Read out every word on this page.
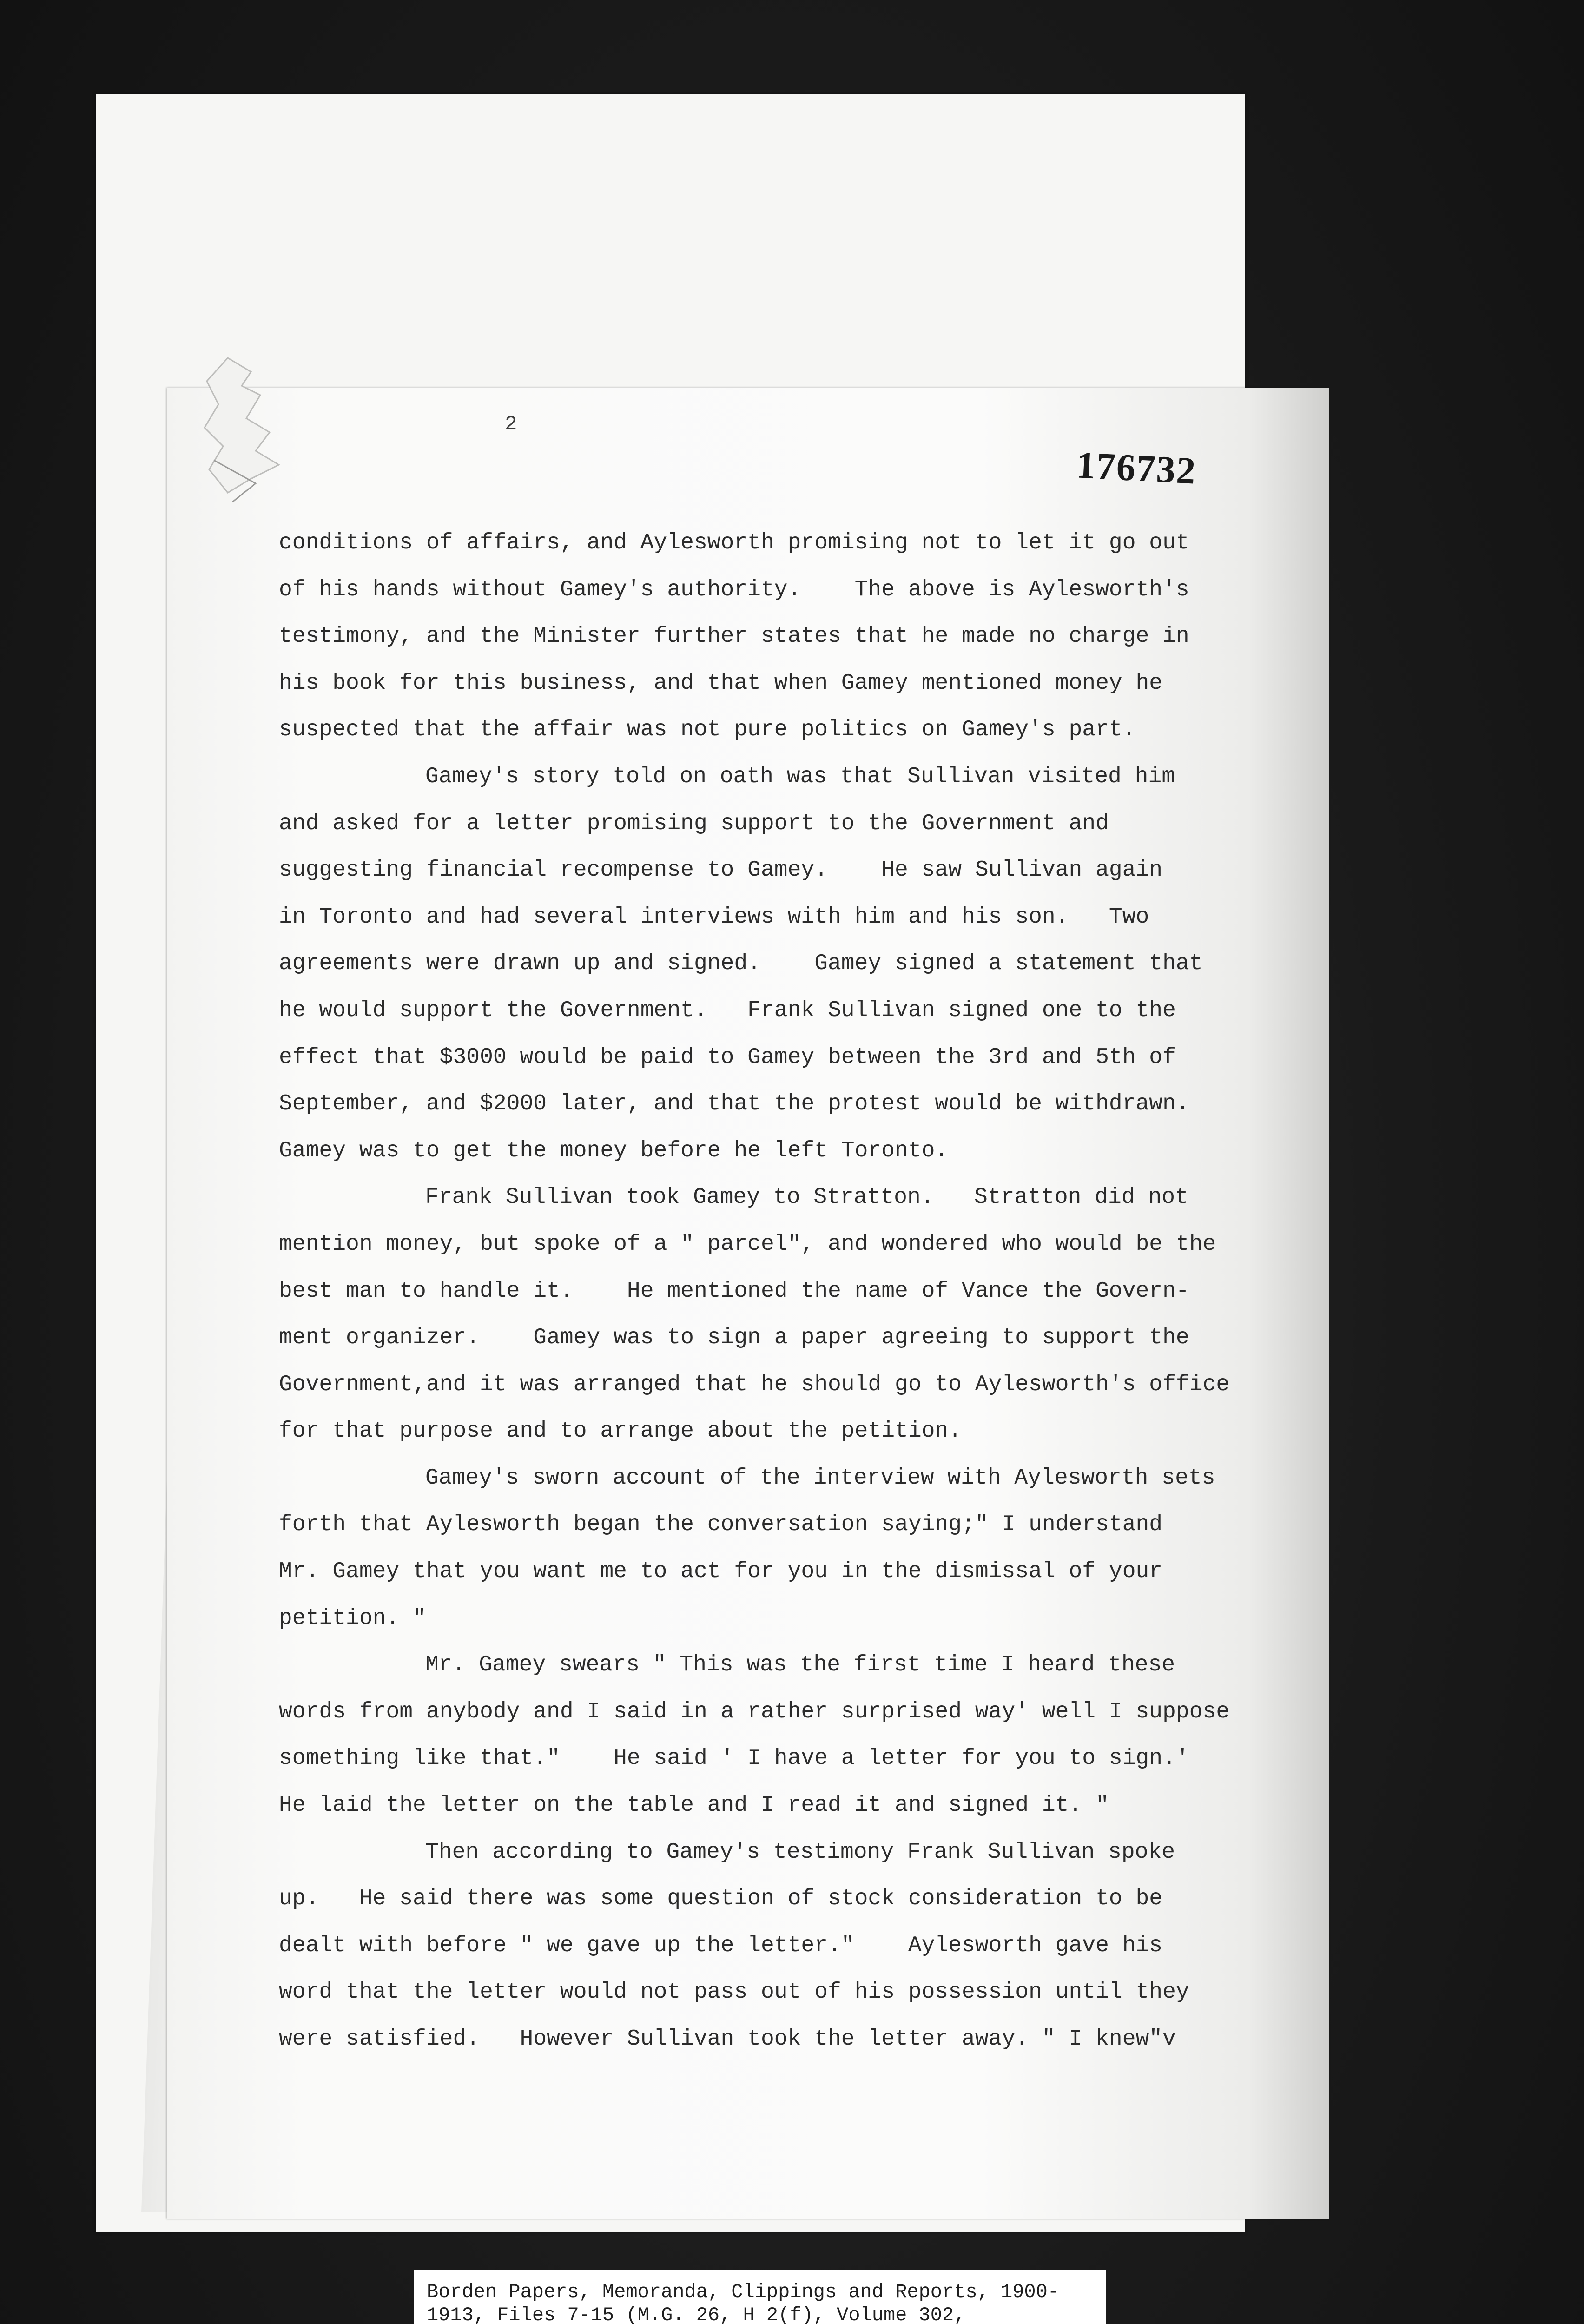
2
176732
conditions of affairs, and Aylesworth promising not to let it go out
of his hands without Gamey's authority.    The above is Aylesworth's
testimony, and the Minister further states that he made no charge in
his book for this business, and that when Gamey mentioned money he
suspected that the affair was not pure politics on Gamey's part.
Gamey's story told on oath was that Sullivan visited him
and asked for a letter promising support to the Government and
suggesting financial recompense to Gamey.    He saw Sullivan again
in Toronto and had several interviews with him and his son.   Two
agreements were drawn up and signed.    Gamey signed a statement that
he would support the Government.   Frank Sullivan signed one to the
effect that $3000 would be paid to Gamey between the 3rd and 5th of
September, and $2000 later, and that the protest would be withdrawn.
Gamey was to get the money before he left Toronto.
Frank Sullivan took Gamey to Stratton.   Stratton did not
mention money, but spoke of a " parcel", and wondered who would be the
best man to handle it.    He mentioned the name of Vance the Govern-
ment organizer.    Gamey was to sign a paper agreeing to support the
Government,and it was arranged that he should go to Aylesworth's office
for that purpose and to arrange about the petition.
Gamey's sworn account of the interview with Aylesworth sets
forth that Aylesworth began the conversation saying;" I understand
Mr. Gamey that you want me to act for you in the dismissal of your
petition. "
Mr. Gamey swears " This was the first time I heard these
words from anybody and I said in a rather surprised way' well I suppose
something like that."    He said ' I have a letter for you to sign.'
He laid the letter on the table and I read it and signed it. "
Then according to Gamey's testimony Frank Sullivan spoke
up.   He said there was some question of stock consideration to be
dealt with before " we gave up the letter."    Aylesworth gave his
word that the letter would not pass out of his possession until they
were satisfied.   However Sullivan took the letter away. " I knew"v
Borden Papers, Memoranda, Clippings and Reports, 1900-
1913, Files 7-15 (M.G. 26, H 2(f), Volume 302,
